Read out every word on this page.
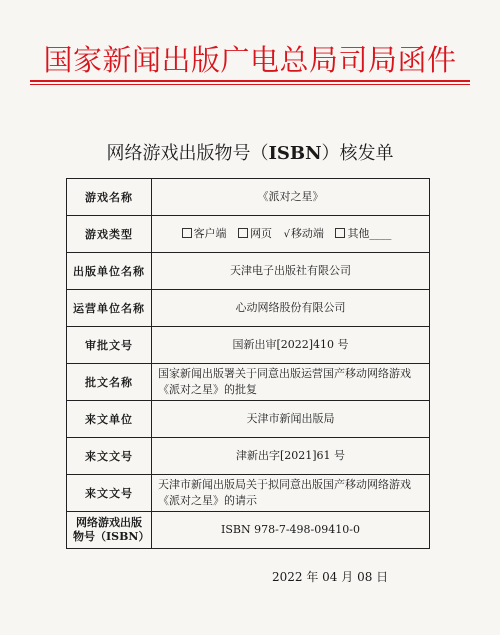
国家新闻出版广电总局司局函件
网络游戏出版物号（ISBN）核发单
游戏名称	《派对之星》
游戏类型	客户端 网页 √移动端 其他____
出版单位名称	天津电子出版社有限公司
运营单位名称	心动网络股份有限公司
审批文号	国新出审[2022]410 号
批文名称	国家新闻出版署关于同意出版运营国产移动网络游戏《派对之星》的批复
来文单位	天津市新闻出版局
来文文号	津新出字[2021]61 号
来文文号	天津市新闻出版局关于拟同意出版国产移动网络游戏《派对之星》的请示
网络游戏出版物号（ISBN）	ISBN 978-7-498-09410-0
2022 年 04 月 08 日
